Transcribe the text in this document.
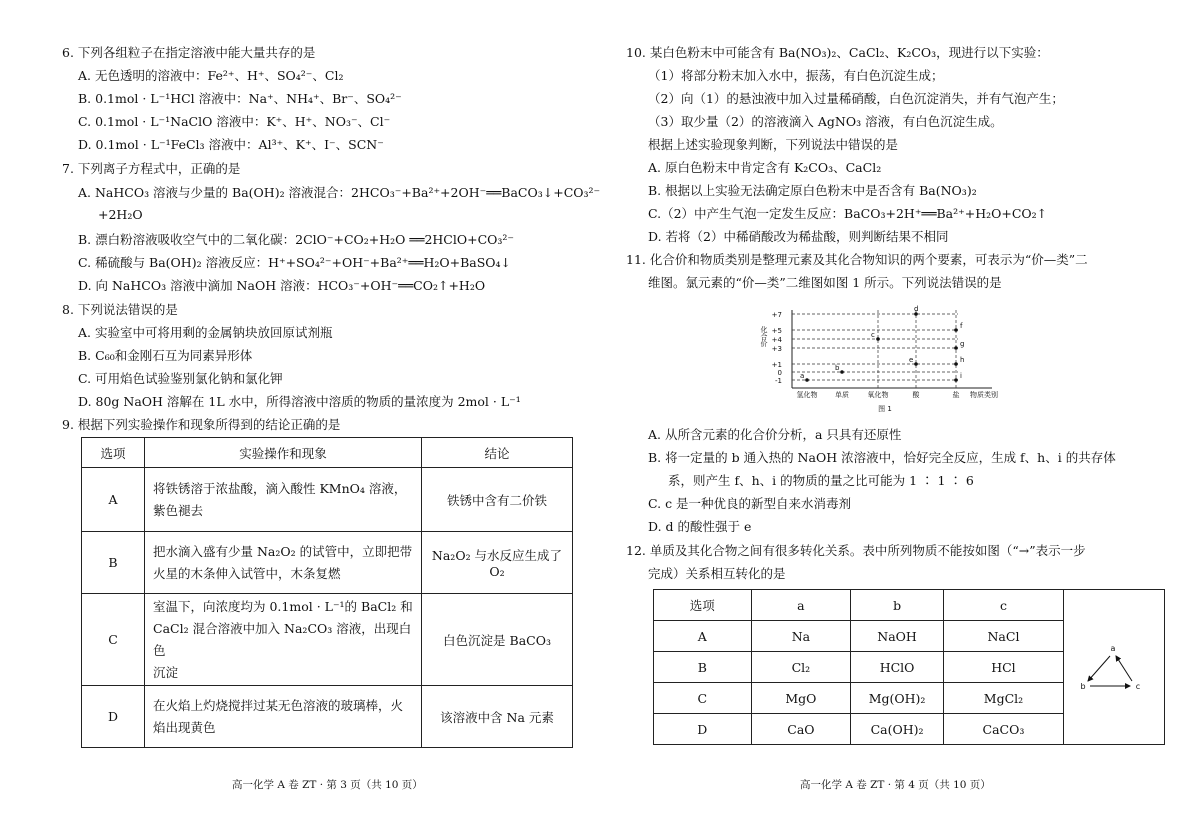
6. 下列各组粒子在指定溶液中能大量共存的是
A. 无色透明的溶液中：Fe²⁺、H⁺、SO₄²⁻、Cl₂
B. 0.1mol · L⁻¹HCl 溶液中：Na⁺、NH₄⁺、Br⁻、SO₄²⁻
C. 0.1mol · L⁻¹NaClO 溶液中：K⁺、H⁺、NO₃⁻、Cl⁻
D. 0.1mol · L⁻¹FeCl₃ 溶液中：Al³⁺、K⁺、I⁻、SCN⁻
7. 下列离子方程式中，正确的是
A. NaHCO₃ 溶液与少量的 Ba(OH)₂ 溶液混合：2HCO₃⁻+Ba²⁺+2OH⁻══BaCO₃↓+CO₃²⁻
+2H₂O
B. 漂白粉溶液吸收空气中的二氧化碳：2ClO⁻+CO₂+H₂O ══2HClO+CO₃²⁻
C. 稀硫酸与 Ba(OH)₂ 溶液反应：H⁺+SO₄²⁻+OH⁻+Ba²⁺══H₂O+BaSO₄↓
D. 向 NaHCO₃ 溶液中滴加 NaOH 溶液：HCO₃⁻+OH⁻══CO₂↑+H₂O
8. 下列说法错误的是
A. 实验室中可将用剩的金属钠块放回原试剂瓶
B. C₆₀和金刚石互为同素异形体
C. 可用焰色试验鉴别氯化钠和氯化钾
D. 80g NaOH 溶解在 1L 水中，所得溶液中溶质的物质的量浓度为 2mol · L⁻¹
9. 根据下列实验操作和现象所得到的结论正确的是
选项	实验操作和现象	结论
A	将铁锈溶于浓盐酸，滴入酸性 KMnO₄ 溶液，
紫色褪去	铁锈中含有二价铁
B	把水滴入盛有少量 Na₂O₂ 的试管中，立即把带
火星的木条伸入试管中，木条复燃	Na₂O₂ 与水反应生成了 O₂
C	室温下，向浓度均为 0.1mol · L⁻¹的 BaCl₂ 和
CaCl₂ 混合溶液中加入 Na₂CO₃ 溶液，出现白色
沉淀	白色沉淀是 BaCO₃
D	在火焰上灼烧搅拌过某无色溶液的玻璃棒，火
焰出现黄色	该溶液中含 Na 元素
高一化学 A 卷 ZT · 第 3 页（共 10 页）
10. 某白色粉末中可能含有 Ba(NO₃)₂、CaCl₂、K₂CO₃，现进行以下实验：
（1）将部分粉末加入水中，振荡，有白色沉淀生成；
（2）向（1）的悬浊液中加入过量稀硝酸，白色沉淀消失，并有气泡产生；
（3）取少量（2）的溶液滴入 AgNO₃ 溶液，有白色沉淀生成。
根据上述实验现象判断，下列说法中错误的是
A. 原白色粉末中肯定含有 K₂CO₃、CaCl₂
B. 根据以上实验无法确定原白色粉末中是否含有 Ba(NO₃)₂
C.（2）中产生气泡一定发生反应：BaCO₃+2H⁺══Ba²⁺+H₂O+CO₂↑
D. 若将（2）中稀硝酸改为稀盐酸，则判断结果不相同
11. 化合价和物质类别是整理元素及其化合物知识的两个要素，可表示为“价—类”二
维图。氯元素的“价—类”二维图如图 1 所示。下列说法错误的是
化合价
+7
+5
+4
+3
+1
0
-1
氢化物	单质	氧化物	酸	盐 物质类别
图 1
a
b
c
d
e
f
g
h
i
A. 从所含元素的化合价分析，a 只具有还原性
B. 将一定量的 b 通入热的 NaOH 浓溶液中，恰好完全反应，生成 f、h、i 的共存体
系，则产生 f、h、i 的物质的量之比可能为 1 ∶ 1 ∶ 6
C. c 是一种优良的新型自来水消毒剂
D. d 的酸性强于 e
12. 单质及其化合物之间有很多转化关系。表中所列物质不能按如图（“→”表示一步
完成）关系相互转化的是
选项	a	b	c	a
b c

A	Na	NaOH	NaCl	
B	Cl₂	HClO	HCl	
C	MgO	Mg(OH)₂	MgCl₂	
D	CaO	Ca(OH)₂	CaCO₃	
高一化学 A 卷 ZT · 第 4 页（共 10 页）
